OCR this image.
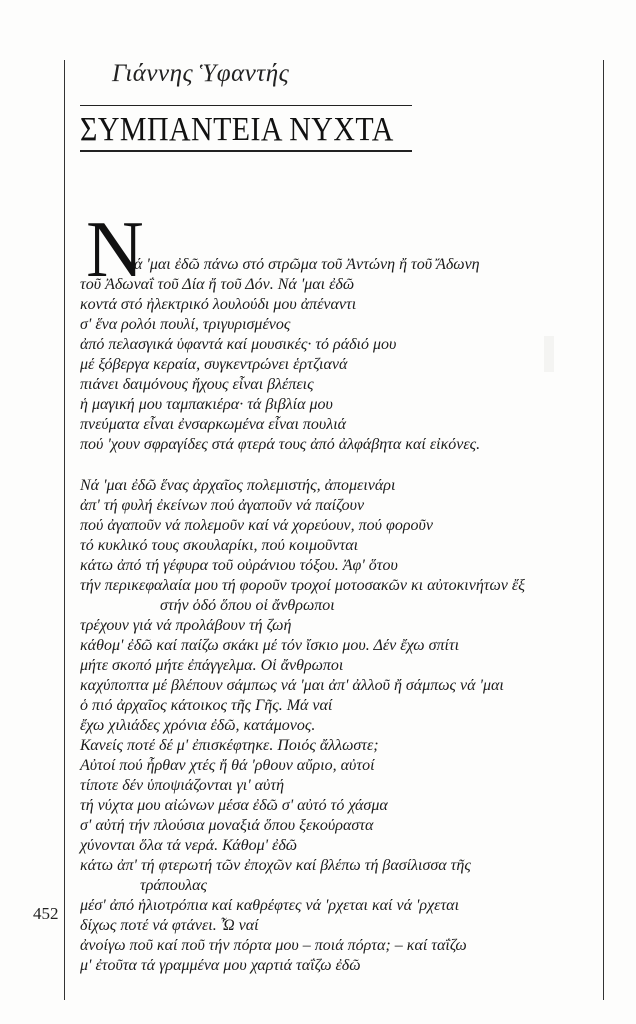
Γιάννης Ὑφαντής
ΣΥΜΠΑΝΤΕΙΑ ΝΥΧΤΑ
Ν
ά 'μαι ἐδῶ πάνω στό στρῶμα τοῦ Ἀντώνη ἤ τοῦ Ἄδωνη
τοῦ Ἀδωναΐ τοῦ Δία ἤ τοῦ Δόν. Νά 'μαι ἐδῶ
κοντά στό ἠλεκτρικό λουλούδι μου ἀπέναντι
σ' ἕνα ρολόι πουλί, τριγυρισμένος
ἀπό πελασγικά ὑφαντά καί μουσικές· τό ράδιό μου
μέ ξόβεργα κεραία, συγκεντρώνει ἑρτζιανά
πιάνει δαιμόνους ἤχους εἶναι βλέπεις
ἡ μαγική μου ταμπακιέρα· τά βιβλία μου
πνεύματα εἶναι ἐνσαρκωμένα εἶναι πουλιά
πού 'χουν σφραγίδες στά φτερά τους ἀπό ἀλφάβητα καί εἰκόνες.
Νά 'μαι ἐδῶ ἕνας ἀρχαῖος πολεμιστής, ἀπομεινάρι
ἀπ' τή φυλή ἐκείνων πού ἀγαποῦν νά παίζουν
πού ἀγαποῦν νά πολεμοῦν καί νά χορεύουν, πού φοροῦν
τό κυκλικό τους σκουλαρίκι, πού κοιμοῦνται
κάτω ἀπό τή γέφυρα τοῦ οὐράνιου τόξου. Ἀφ' ὅτου
τήν περικεφαλαία μου τή φοροῦν τροχοί μοτοσακῶν κι αὐτοκινήτων ἔξ
στήν ὁδό ὅπου οἱ ἄνθρωποι
τρέχουν γιά νά προλάβουν τή ζωή
κάθομ' ἐδῶ καί παίζω σκάκι μέ τόν ἴσκιο μου. Δέν ἔχω σπίτι
μήτε σκοπό μήτε ἐπάγγελμα. Οἱ ἄνθρωποι
καχύποπτα μέ βλέπουν σάμπως νά 'μαι ἀπ' ἀλλοῦ ἤ σάμπως νά 'μαι
ὁ πιό ἀρχαῖος κάτοικος τῆς Γῆς. Μά ναί
ἔχω χιλιάδες χρόνια ἐδῶ, κατάμονος.
Κανείς ποτέ δέ μ' ἐπισκέφτηκε. Ποιός ἄλλωστε;
Αὐτοί πού ἦρθαν χτές ἤ θά 'ρθουν αὔριο, αὐτοί
τίποτε δέν ὑποψιάζονται γι' αὐτή
τή νύχτα μου αἰώνων μέσα ἐδῶ σ' αὐτό τό χάσμα
σ' αὐτή τήν πλούσια μοναξιά ὅπου ξεκούραστα
χύνονται ὅλα τά νερά. Κάθομ' ἐδῶ
κάτω ἀπ' τή φτερωτή τῶν ἐποχῶν καί βλέπω τή βασίλισσα τῆς
τράπουλας
μέσ' ἀπό ἡλιοτρόπια καί καθρέφτες νά 'ρχεται καί νά 'ρχεται
δίχως ποτέ νά φτάνει. Ὦ ναί
ἀνοίγω ποῦ καί ποῦ τήν πόρτα μου – ποιά πόρτα; – καί ταΐζω
μ' ἐτοῦτα τά γραμμένα μου χαρτιά ταΐζω ἐδῶ
452
